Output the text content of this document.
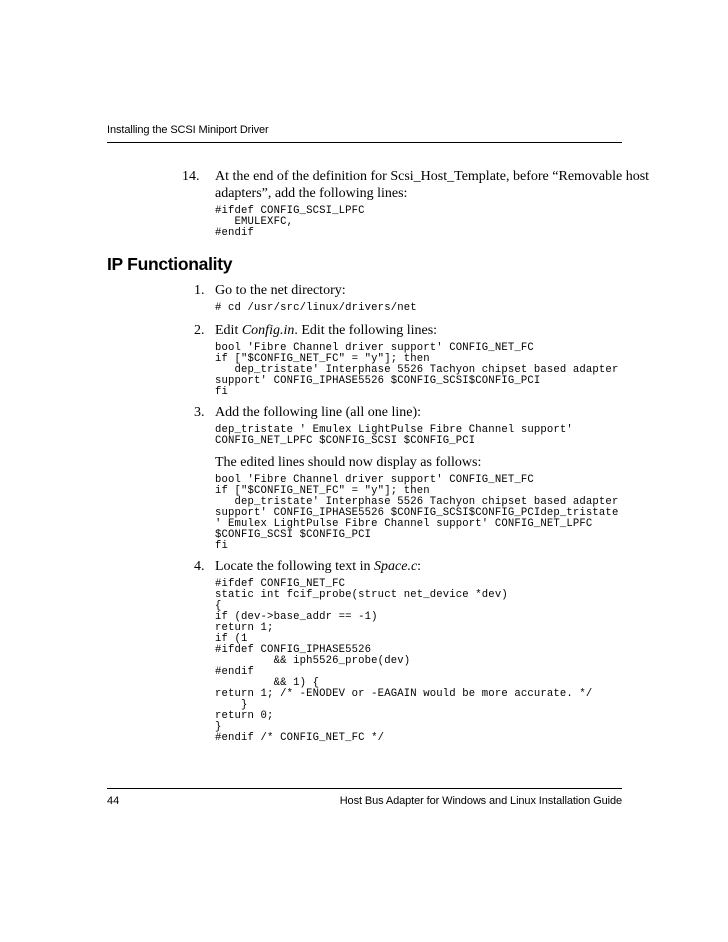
Installing the SCSI Miniport Driver
14. At the end of the definition for Scsi_Host_Template, before “Removable host
adapters”, add the following lines:
#ifdef CONFIG_SCSI_LPFC
EMULEXFC,
#endif
IP Functionality
1. Go to the net directory:
# cd /usr/src/linux/drivers/net
2. Edit Config.in. Edit the following lines:
bool 'Fibre Channel driver support' CONFIG_NET_FC
if ["$CONFIG_NET_FC" = "y"]; then
dep_tristate' Interphase 5526 Tachyon chipset based adapter
support' CONFIG_IPHASE5526 $CONFIG_SCSI$CONFIG_PCI
fi
3. Add the following line (all one line):
dep_tristate ' Emulex LightPulse Fibre Channel support'
CONFIG_NET_LPFC $CONFIG_SCSI $CONFIG_PCI
The edited lines should now display as follows:
bool 'Fibre Channel driver support' CONFIG_NET_FC
if ["$CONFIG_NET_FC" = "y"]; then
dep_tristate' Interphase 5526 Tachyon chipset based adapter
support' CONFIG_IPHASE5526 $CONFIG_SCSI$CONFIG_PCIdep_tristate
' Emulex LightPulse Fibre Channel support' CONFIG_NET_LPFC
$CONFIG_SCSI $CONFIG_PCI
fi
4. Locate the following text in Space.c:
#ifdef CONFIG_NET_FC
static int fcif_probe(struct net_device *dev)
{
if (dev->base_addr == -1)
return 1;
if (1
#ifdef CONFIG_IPHASE5526
&& iph5526_probe(dev)
#endif
&& 1) {
return 1; /* -ENODEV or -EAGAIN would be more accurate. */
}
return 0;
}
#endif /* CONFIG_NET_FC */
44	Host Bus Adapter for Windows and Linux Installation Guide
